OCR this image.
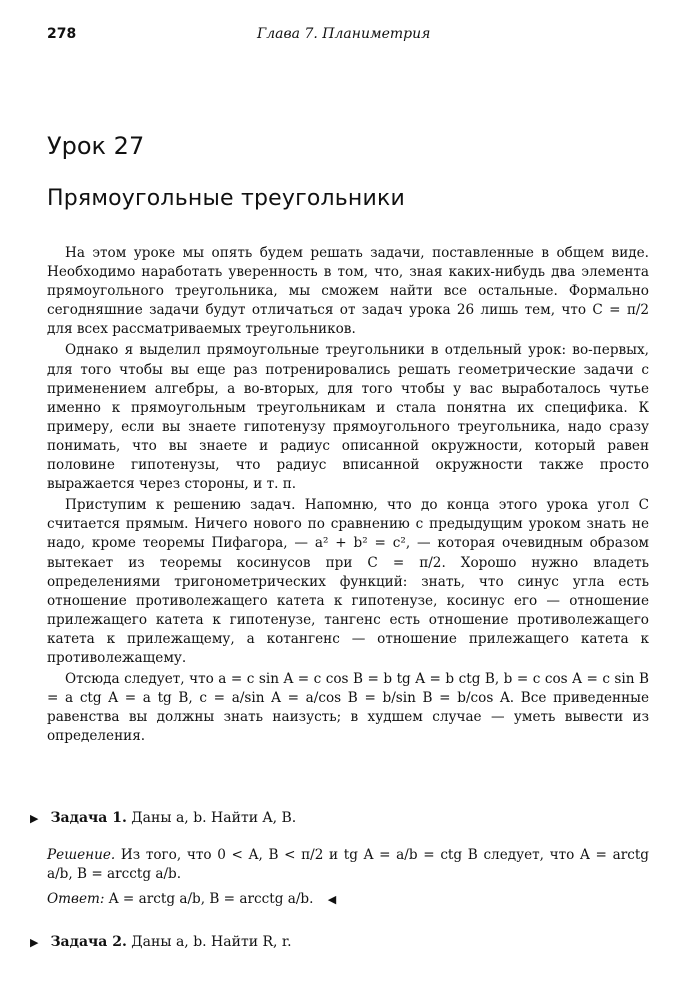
278	Глава 7. Планиметрия
Урок 27
Прямоугольные треугольники

На этом уроке мы опять будем решать задачи, поставленные в общем виде. Необходимо наработать уверенность в том, что, зная каких-нибудь два элемента прямоугольного треугольника, мы сможем найти все остальные. Формально сегодняшние задачи будут отличаться от задач урока 26 лишь тем, что C = π/2 для всех рассматриваемых треугольников.

Однако я выделил прямоугольные треугольники в отдельный урок: во-первых, для того чтобы вы еще раз потренировались решать геометрические задачи с применением алгебры, а во-вторых, для того чтобы у вас выработалось чутье именно к прямоугольным треугольникам и стала понятна их специфика. К примеру, если вы знаете гипотенузу прямоугольного треугольника, надо сразу понимать, что вы знаете и радиус описанной окружности, который равен половине гипотенузы, что радиус вписанной окружности также просто выражается через стороны, и т. п.

Приступим к решению задач. Напомню, что до конца этого урока угол C считается прямым. Ничего нового по сравнению с предыдущим уроком знать не надо, кроме теоремы Пифагора, — a² + b² = c², — которая очевидным образом вытекает из теоремы косинусов при C = π/2. Хорошо нужно владеть определениями тригонометрических функций: знать, что синус угла есть отношение противолежащего катета к гипотенузе, косинус его — отношение прилежащего катета к гипотенузе, тангенс есть отношение противолежащего катета к прилежащему, а котангенс — отношение прилежащего катета к противолежащему.

Отсюда следует, что a = c sin A = c cos B = b tg A = b ctg B, b = c cos A = c sin B = a ctg A = a tg B, c = a/sin A = a/cos B = b/sin B = b/cos A. Все приведенные равенства вы должны знать наизусть; в худшем случае — уметь вывести из определения.

▶ Задача 1. Даны a, b. Найти A, B.

Решение. Из того, что 0 < A, B < π/2 и tg A = a/b = ctg B следует, что A = arctg a/b, B = arcctg a/b.

Ответ: A = arctg a/b, B = arcctg a/b. ◀

▶ Задача 2. Даны a, b. Найти R, r.
